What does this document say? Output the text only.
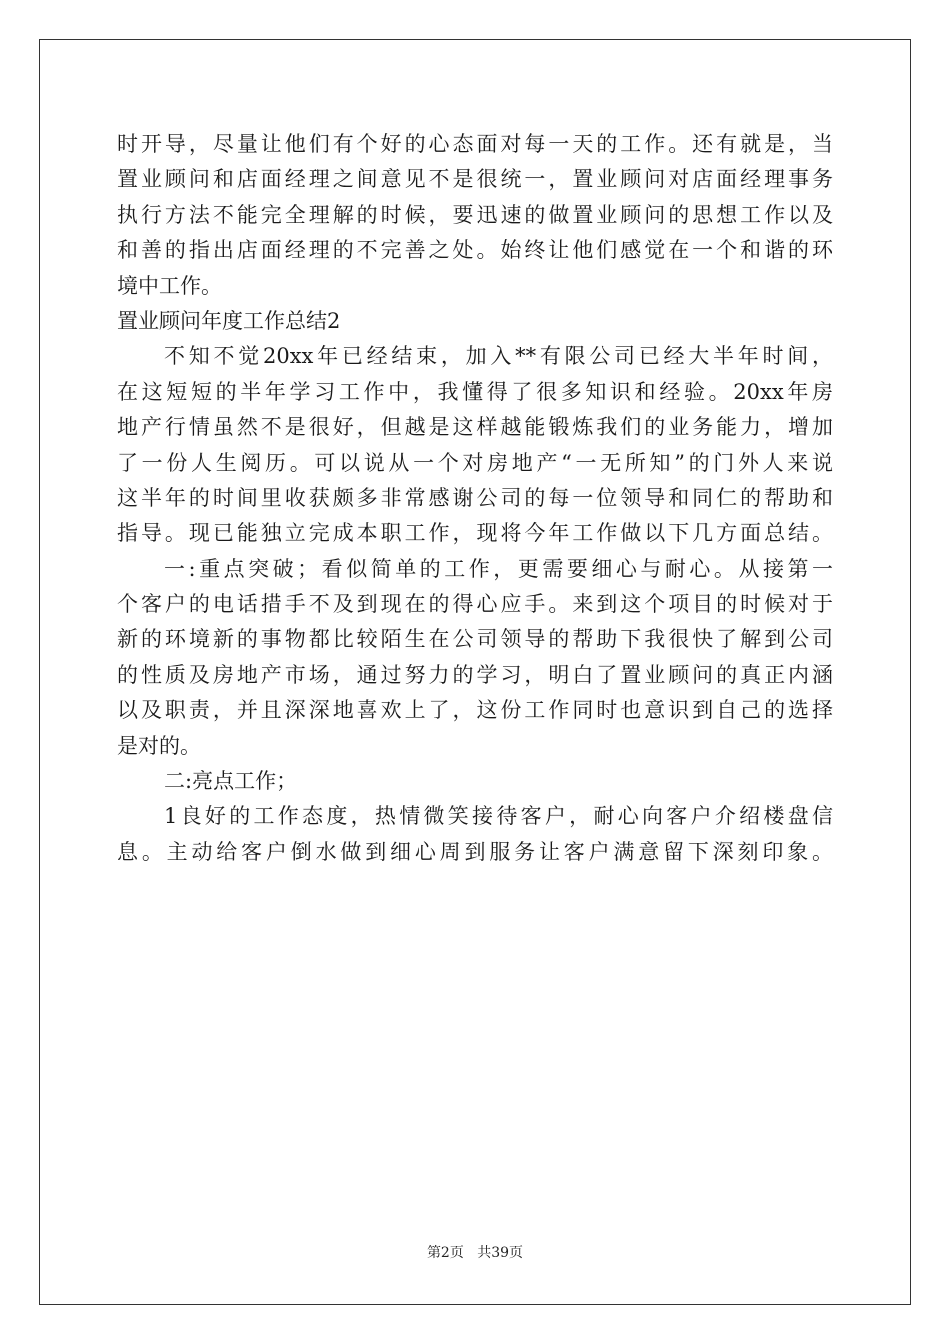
时开导，尽量让他们有个好的心态面对每一天的工作。还有就是，当
置业顾问和店面经理之间意见不是很统一，置业顾问对店面经理事务
执行方法不能完全理解的时候，要迅速的做置业顾问的思想工作以及
和善的指出店面经理的不完善之处。始终让他们感觉在一个和谐的环
境中工作。
置业顾问年度工作总结2
不知不觉20xx年已经结束，加入**有限公司已经大半年时间，
在这短短的半年学习工作中，我懂得了很多知识和经验。20xx年房
地产行情虽然不是很好，但越是这样越能锻炼我们的业务能力，增加
了一份人生阅历。可以说从一个对房地产“一无所知”的门外人来说
这半年的时间里收获颇多非常感谢公司的每一位领导和同仁的帮助和
指导。现已能独立完成本职工作，现将今年工作做以下几方面总结。
一:重点突破；看似简单的工作，更需要细心与耐心。从接第一
个客户的电话措手不及到现在的得心应手。来到这个项目的时候对于
新的环境新的事物都比较陌生在公司领导的帮助下我很快了解到公司
的性质及房地产市场，通过努力的学习，明白了置业顾问的真正内涵
以及职责，并且深深地喜欢上了，这份工作同时也意识到自己的选择
是对的。
二:亮点工作；
1良好的工作态度，热情微笑接待客户，耐心向客户介绍楼盘信
息。主动给客户倒水做到细心周到服务让客户满意留下深刻印象。
第2页 共39页
